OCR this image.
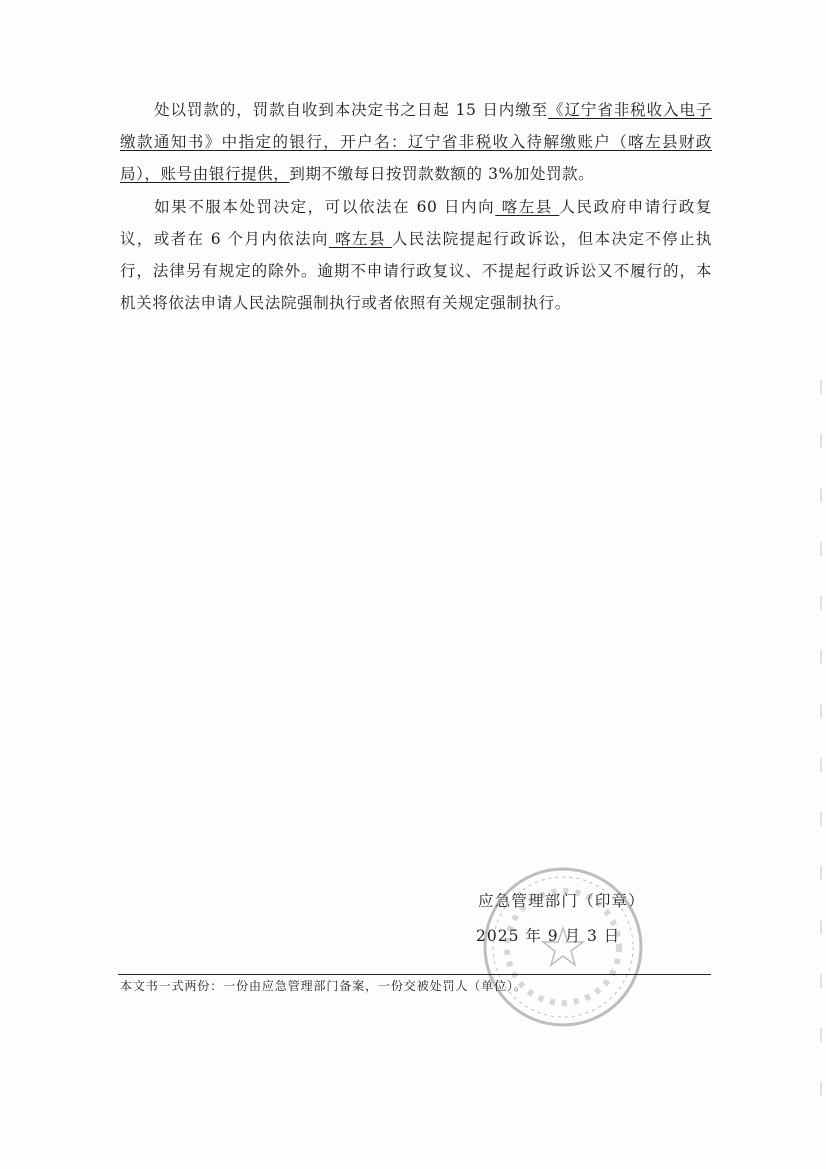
处以罚款的，罚款自收到本决定书之日起 15 日内缴至《辽宁省非税收入电子缴款通知书》中指定的银行，开户名：辽宁省非税收入待解缴账户（喀左县财政局），账号由银行提供，到期不缴每日按罚款数额的 3%加处罚款。

如果不服本处罚决定，可以依法在 60 日内向 喀左县 人民政府申请行政复议，或者在 6 个月内依法向 喀左县 人民法院提起行政诉讼，但本决定不停止执行，法律另有规定的除外。逾期不申请行政复议、不提起行政诉讼又不履行的，本机关将依法申请人民法院强制执行或者依照有关规定强制执行。

应急管理部门（印章）
2025 年 9 月 3 日
本文书一式两份：一份由应急管理部门备案，一份交被处罚人（单位）。
